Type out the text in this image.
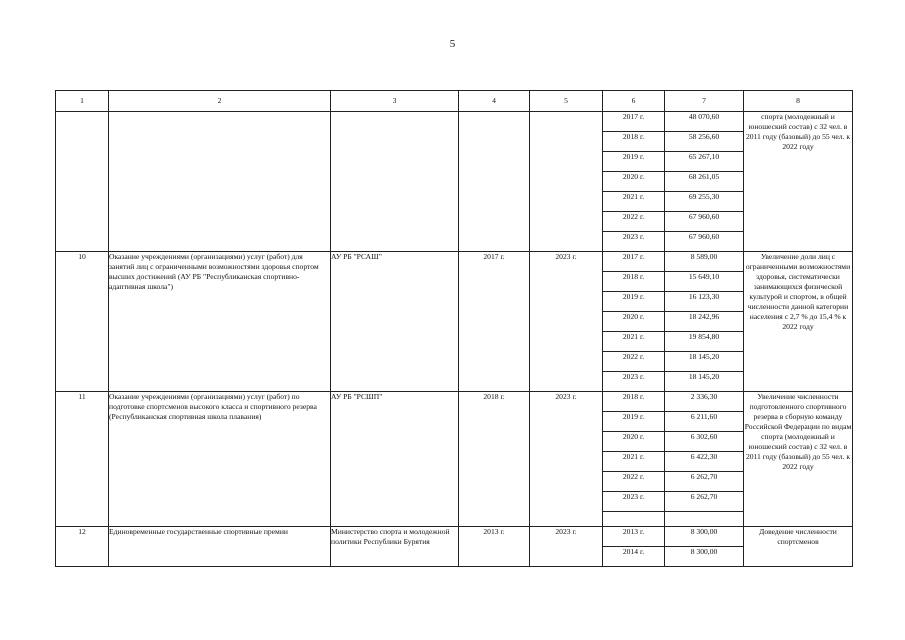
5
1	2	3	4	5	6	7	8
					2017 г.	48 070,60	спорта (молодежный и юношеский состав) с 32 чел. в 2011 году (базовый) до 55 чел. к 2022 году
					2018 г.	58 256,60	
					2019 г.	65 267,10	
					2020 г.	68 261,05	
					2021 г.	69 255,30	
					2022 г.	67 960,60	
					2023 г.	67 960,60	
10	Оказание учреждениями (организациями) услуг (работ) для занятий лиц с ограниченными возможностями здоровья спортом высших достижений (АУ РБ "Республиканская спортивно-адаптивная школа")	АУ РБ "РСАШ"	2017 г.	2023 г.	2017 г.	8 589,00	Увеличение доли лиц с ограниченными возможностями здоровья, систематически занимающихся физической культурой и спортом, в общей численности данной категории населения с 2,7 % до 15,4 % к 2022 году
					2018 г.	15 649,10	
					2019 г.	16 123,30	
					2020 г.	18 242,96	
					2021 г.	19 854,80	
					2022 г.	18 145,20	
					2023 г.	18 145,20	
11	Оказание учреждениями (организациями) услуг (работ) по подготовке спортсменов высокого класса и спортивного резерва (Республиканская спортивная школа плавания)	АУ РБ "РСШП"	2018 г.	2023 г.	2018 г.	2 336,30	Увеличение численности подготовленного спортивного резерва в сборную команду Российской Федерации по видам спорта (молодежный и юношеский состав) с 32 чел. в 2011 году (базовый) до 55 чел. к 2022 году
					2019 г.	6 211,60	
					2020 г.	6 302,60	
					2021 г.	6 422,30	
					2022 г.	6 262,70	
					2023 г.	6 262,70	

12	Единовременные государственные спортивные премии	Министерство спорта и молодежной политики Республики Бурятия	2013 г.	2023 г.	2013 г.	8 300,00	Доведение численности спортсменов
					2014 г.	8 300,00	
